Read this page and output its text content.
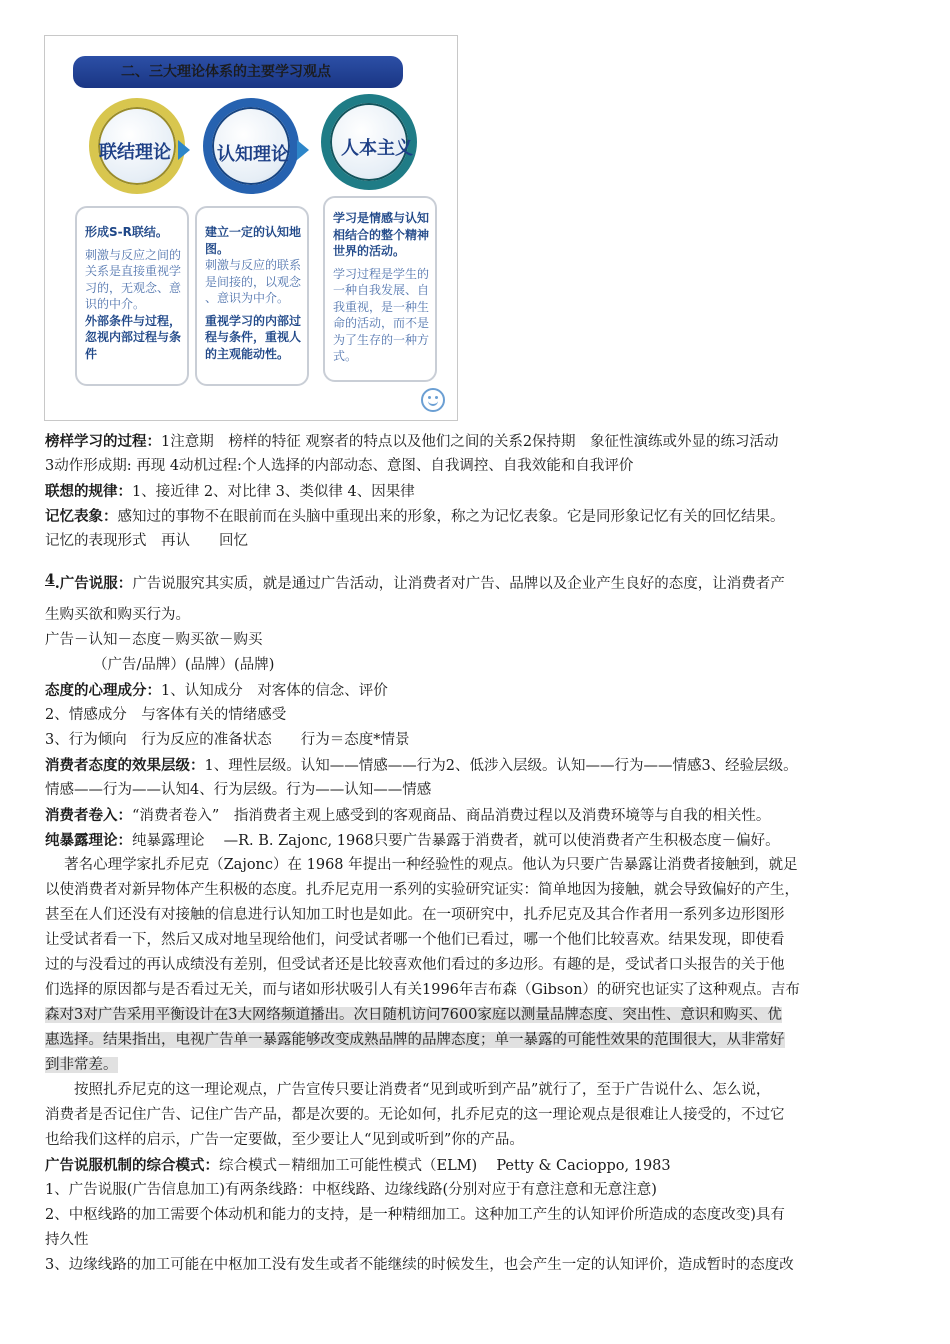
二、三大理论体系的主要学习观点
联结理论	认知理论	人本主义
形成S-R联结。
刺激与反应之间的
关系是直接重视学
习的，无观念、意
识的中介。
外部条件与过程，
忽视内部过程与条
件
建立一定的认知地
图。
刺激与反应的联系
是间接的，以观念
、意识为中介。
重视学习的内部过
程与条件，重视人
的主观能动性。
学习是情感与认知
相结合的整个精神
世界的活动。
学习过程是学生的
一种自我发展、自
我重视，是一种生
命的活动，而不是
为了生存的一种方
式。
榜样学习的过程：1注意期　榜样的特征 观察者的特点以及他们之间的关系2保持期　象征性演练或外显的练习活动
3动作形成期: 再现 4动机过程:个人选择的内部动态、意图、自我调控、自我效能和自我评价
联想的规律：1、接近律 2、对比律 3、类似律 4、因果律
记忆表象：感知过的事物不在眼前而在头脑中重现出来的形象，称之为记忆表象。它是同形象记忆有关的回忆结果。
记忆的表现形式　再认　　回忆
4.广告说服：广告说服究其实质，就是通过广告活动，让消费者对广告、品牌以及企业产生良好的态度，让消费者产
生购买欲和购买行为。
广告－认知－态度－购买欲－购买
（广告/品牌）(品牌）(品牌)
态度的心理成分：1、认知成分　对客体的信念、评价
2、情感成分　与客体有关的情绪感受
3、行为倾向　行为反应的准备状态　　行为＝态度*情景
消费者态度的效果层级：1、理性层级。认知——情感——行为2、低涉入层级。认知——行为——情感3、经验层级。
情感——行为——认知4、行为层级。行为——认知——情感
消费者卷入：“消费者卷入”　指消费者主观上感受到的客观商品、商品消费过程以及消费环境等与自我的相关性。
纯暴露理论：纯暴露理论　 —R. B. Zajonc, 1968只要广告暴露于消费者，就可以使消费者产生积极态度－偏好。
　 著名心理学家扎乔尼克（Zajonc）在 1968 年提出一种经验性的观点。他认为只要广告暴露让消费者接触到，就足
以使消费者对新异物体产生积极的态度。扎乔尼克用一系列的实验研究证实：简单地因为接触，就会导致偏好的产生，
甚至在人们还没有对接触的信息进行认知加工时也是如此。在一项研究中，扎乔尼克及其合作者用一系列多边形图形
让受试者看一下，然后又成对地呈现给他们，问受试者哪一个他们已看过，哪一个他们比较喜欢。结果发现，即使看
过的与没看过的再认成绩没有差别，但受试者还是比较喜欢他们看过的多边形。有趣的是，受试者口头报告的关于他
们选择的原因都与是否看过无关，而与诸如形状吸引人有关1996年吉布森（Gibson）的研究也证实了这种观点。吉布
森对3对广告采用平衡设计在3大网络频道播出。次日随机访问7600家庭以测量品牌态度、突出性、意识和购买、优
惠选择。结果指出，电视广告单一暴露能够改变成熟品牌的品牌态度；单一暴露的可能性效果的范围很大，从非常好
到非常差。
　　按照扎乔尼克的这一理论观点，广告宣传只要让消费者“见到或听到产品”就行了，至于广告说什么、怎么说，
消费者是否记住广告、记住广告产品，都是次要的。无论如何，扎乔尼克的这一理论观点是很难让人接受的，不过它
也给我们这样的启示，广告一定要做，至少要让人“见到或听到”你的产品。
广告说服机制的综合模式：综合模式－精细加工可能性模式（ELM)　 Petty & Cacioppo, 1983
1、广告说服(广告信息加工)有两条线路：中枢线路、边缘线路(分别对应于有意注意和无意注意)
2、中枢线路的加工需要个体动机和能力的支持，是一种精细加工。这种加工产生的认知评价所造成的态度改变)具有
持久性
3、边缘线路的加工可能在中枢加工没有发生或者不能继续的时候发生，也会产生一定的认知评价，造成暂时的态度改
